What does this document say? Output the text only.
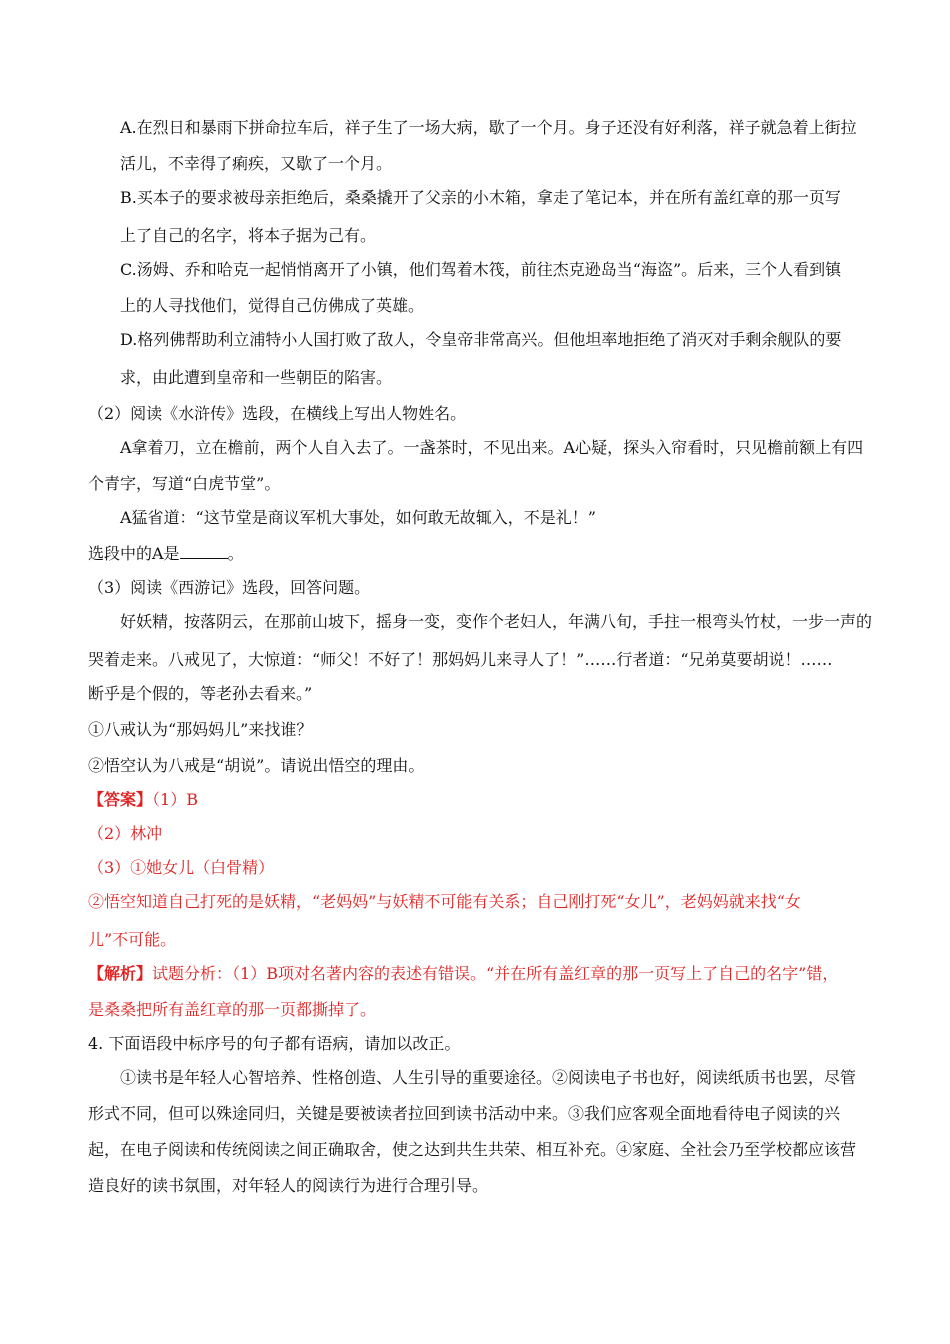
A.在烈日和暴雨下拼命拉车后，祥子生了一场大病，歇了一个月。身子还没有好利落，祥子就急着上街拉
活儿，不幸得了痢疾，又歇了一个月。
B.买本子的要求被母亲拒绝后，桑桑撬开了父亲的小木箱，拿走了笔记本，并在所有盖红章的那一页写
上了自己的名字，将本子据为己有。
C.汤姆、乔和哈克一起悄悄离开了小镇，他们驾着木筏，前往杰克逊岛当“海盗”。后来，三个人看到镇
上的人寻找他们，觉得自己仿佛成了英雄。
D.格列佛帮助利立浦特小人国打败了敌人，令皇帝非常高兴。但他坦率地拒绝了消灭对手剩余舰队的要
求，由此遭到皇帝和一些朝臣的陷害。
（2）阅读《水浒传》选段，在横线上写出人物姓名。
A拿着刀，立在檐前，两个人自入去了。一盏茶时，不见出来。A心疑，探头入帘看时，只见檐前额上有四
个青字，写道“白虎节堂”。
A猛省道：“这节堂是商议军机大事处，如何敢无故辄入，不是礼！”
选段中的A是	。
（3）阅读《西游记》选段，回答问题。
好妖精，按落阴云，在那前山坡下，摇身一变，变作个老妇人，年满八旬，手拄一根弯头竹杖，一步一声的
哭着走来。八戒见了，大惊道：“师父！不好了！那妈妈儿来寻人了！”……行者道：“兄弟莫要胡说！……
断乎是个假的，等老孙去看来。”
①八戒认为“那妈妈儿”来找谁？
②悟空认为八戒是“胡说”。请说出悟空的理由。
【答案】（1）B
（2）林冲
（3）①她女儿（白骨精）
②悟空知道自己打死的是妖精，“老妈妈”与妖精不可能有关系；自己刚打死“女儿”，老妈妈就来找“女
儿”不可能。
【解析】试题分析：（1）B项对名著内容的表述有错误。“并在所有盖红章的那一页写上了自己的名字”错，
是桑桑把所有盖红章的那一页都撕掉了。
4. 下面语段中标序号的句子都有语病，请加以改正。
①读书是年轻人心智培养、性格创造、人生引导的重要途径。②阅读电子书也好，阅读纸质书也罢，尽管
形式不同，但可以殊途同归，关键是要被读者拉回到读书活动中来。③我们应客观全面地看待电子阅读的兴
起，在电子阅读和传统阅读之间正确取舍，使之达到共生共荣、相互补充。④家庭、全社会乃至学校都应该营
造良好的读书氛围，对年轻人的阅读行为进行合理引导。
